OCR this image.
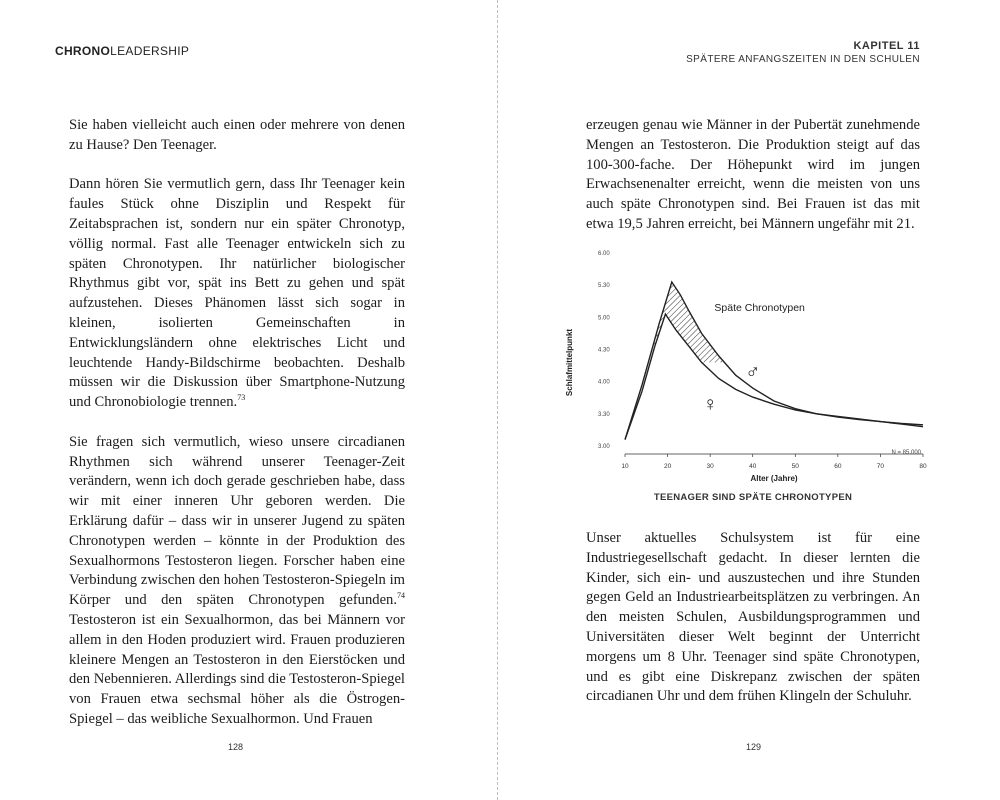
CHRONOLEADERSHIP

Sie haben vielleicht auch einen oder mehrere von denen zu Hause? Den Teenager.

Dann hören Sie vermutlich gern, dass Ihr Teenager kein faules Stück ohne Disziplin und Respekt für Zeitabsprachen ist, sondern nur ein später Chronotyp, völlig normal. Fast alle Teenager entwickeln sich zu späten Chronotypen. Ihr natürlicher biologischer Rhythmus gibt vor, spät ins Bett zu gehen und spät aufzustehen. Dieses Phänomen lässt sich sogar in kleinen, isolierten Gemeinschaften in Entwicklungsländern ohne elektrisches Licht und leuchtende Handy-Bildschirme beobachten. Deshalb müssen wir die Diskussion über Smartphone-Nutzung und Chronobiologie trennen.$^{73}$

Sie fragen sich vermutlich, wieso unsere circadianen Rhythmen sich während unserer Teenager-Zeit verändern, wenn ich doch gerade geschrieben habe, dass wir mit einer inneren Uhr geboren werden. Die Erklärung dafür – dass wir in unserer Jugend zu späten Chronotypen werden – könnte in der Produktion des Sexualhormons Testosteron liegen. Forscher haben eine Verbindung zwischen den hohen Testosteron-Spiegeln im Körper und den späten Chronotypen gefunden.$^{74}$ Testosteron ist ein Sexualhormon, das bei Männern vor allem in den Hoden produziert wird. Frauen produzieren kleinere Mengen an Testosteron in den Eierstöcken und den Nebennieren. Allerdings sind die Testosteron-Spiegel von Frauen etwa sechsmal höher als die Östrogen-Spiegel – das weibliche Sexualhormon. Und Frauen

128
KAPITEL 11
SPÄTERE ANFANGSZEITEN IN DEN SCHULEN

erzeugen genau wie Männer in der Pubertät zunehmende Mengen an Testosteron. Die Produktion steigt auf das 100-300-fache. Der Höhepunkt wird im jungen Erwachsenenalter erreicht, wenn die meisten von uns auch späte Chronotypen sind. Bei Frauen ist das mit etwa 19,5 Jahren erreicht, bei Männern ungefähr mit 21.

3.00
3.30
4.00
4.30
5.00
5.30
6.00
10	20	30	40	50	60	70	80
Alter (Jahre)
Schlafmittelpunkt
Späte Chronotypen
♂
♀
N = 85.000
TEENAGER SIND SPÄTE CHRONOTYPEN

Unser aktuelles Schulsystem ist für eine Industriegesellschaft gedacht. In dieser lernten die Kinder, sich ein- und auszustechen und ihre Stunden gegen Geld an Industriearbeitsplätzen zu verbringen. An den meisten Schulen, Ausbildungsprogrammen und Universitäten dieser Welt beginnt der Unterricht morgens um 8 Uhr. Teenager sind späte Chronotypen, und es gibt eine Diskrepanz zwischen der späten circadianen Uhr und dem frühen Klingeln der Schuluhr.

129
